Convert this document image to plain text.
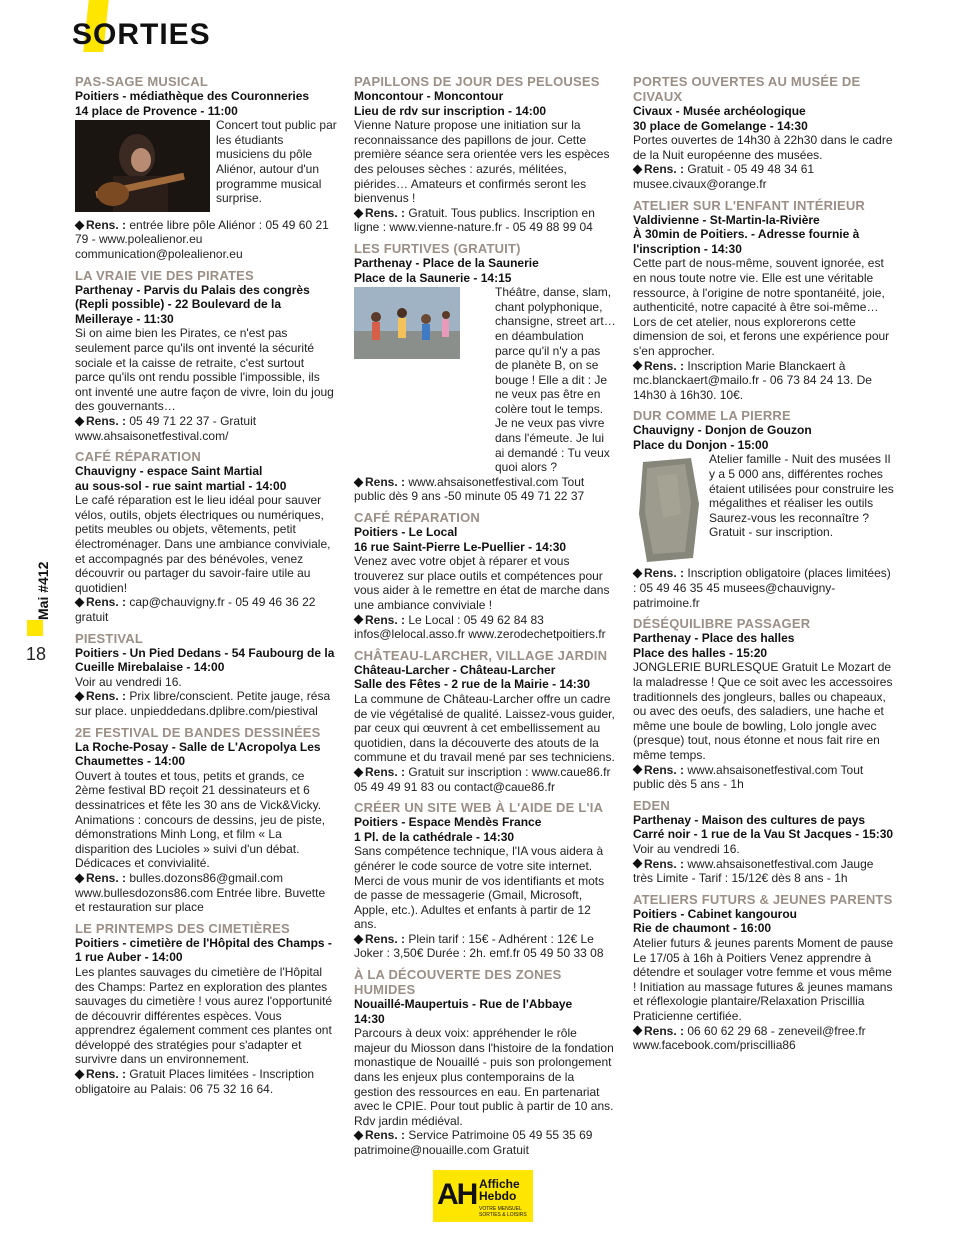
SORTIES
Mai #412
18
PAS-SAGE MUSICAL
Poitiers - médiathèque des Couronneries
14 place de Provence - 11:00
Concert tout public par les étudiants musiciens du pôle Aliénor, autour d'un programme musical surprise.
Rens. : entrée libre pôle Aliénor : 05 49 60 21 79 - www.polealienor.eu communication@polealienor.eu
LA VRAIE VIE DES PIRATES
Parthenay - Parvis du Palais des congrès (Repli possible) - 22 Boulevard de la Meilleraye - 11:30
Si on aime bien les Pirates, ce n'est pas seulement parce qu'ils ont inventé la sécurité sociale et la caisse de retraite, c'est surtout parce qu'ils ont rendu possible l'impossible, ils ont inventé une autre façon de vivre, loin du joug des gouvernants…
Rens. : 05 49 71 22 37 - Gratuit www.ahsaisonetfestival.com/
CAFÉ RÉPARATION
Chauvigny - espace Saint Martial
au sous-sol - rue saint martial - 14:00
Le café réparation est le lieu idéal pour sauver vélos, outils, objets électriques ou numériques, petits meubles ou objets, vêtements, petit électroménager. Dans une ambiance conviviale, et accompagnés par des bénévoles, venez découvrir ou partager du savoir-faire utile au quotidien!
Rens. : cap@chauvigny.fr - 05 49 46 36 22 gratuit
PIESTIVAL
Poitiers - Un Pied Dedans - 54 Faubourg de la Cueille Mirebalaise - 14:00
Voir au vendredi 16.
Rens. : Prix libre/conscient. Petite jauge, résa sur place. unpieddedans.dplibre.com/piestival
2E FESTIVAL DE BANDES DESSINÉES
La Roche-Posay - Salle de L'Acropolya Les Chaumettes - 14:00
Ouvert à toutes et tous, petits et grands, ce 2ème festival BD reçoit 21 dessinateurs et 6 dessinatrices et fête les 30 ans de Vick&Vicky. Animations : concours de dessins, jeu de piste, démonstrations Minh Long, et film « La disparition des Lucioles » suivi d'un débat. Dédicaces et convivialité.
Rens. : bulles.dozons86@gmail.com www.bullesdozons86.com Entrée libre. Buvette et restauration sur place
LE PRINTEMPS DES CIMETIÈRES
Poitiers - cimetière de l'Hôpital des Champs - 1 rue Auber - 14:00
Les plantes sauvages du cimetière de l'Hôpital des Champs: Partez en exploration des plantes sauvages du cimetière ! vous aurez l'opportunité de découvrir différentes espèces. Vous apprendrez également comment ces plantes ont développé des stratégies pour s'adapter et survivre dans un environnement.
Rens. : Gratuit Places limitées - Inscription obligatoire au Palais: 06 75 32 16 64.
PAPILLONS DE JOUR DES PELOUSES
Moncontour - Moncontour
Lieu de rdv sur inscription - 14:00
Vienne Nature propose une initiation sur la reconnaissance des papillons de jour. Cette première séance sera orientée vers les espèces des pelouses sèches : azurés, mélitées, piérides… Amateurs et confirmés seront les bienvenus !
Rens. : Gratuit. Tous publics. Inscription en ligne : www.vienne-nature.fr - 05 49 88 99 04
LES FURTIVES (GRATUIT)
Parthenay - Place de la Saunerie
Place de la Saunerie - 14:15
Théâtre, danse, slam, chant polyphonique, chansigne, street art… en déambulation parce qu'il n'y a pas de planète B, on se bouge ! Elle a dit : Je ne veux pas être en colère tout le temps. Je ne veux pas vivre dans l'émeute. Je lui ai demandé : Tu veux quoi alors ?
Rens. : www.ahsaisonetfestival.com Tout public dès 9 ans -50 minute 05 49 71 22 37
CAFÉ RÉPARATION
Poitiers - Le Local
16 rue Saint-Pierre Le-Puellier - 14:30
Venez avec votre objet à réparer et vous trouverez sur place outils et compétences pour vous aider à le remettre en état de marche dans une ambiance conviviale !
Rens. : Le Local : 05 49 62 84 83 infos@lelocal.asso.fr www.zerodechetpoitiers.fr
CHÂTEAU-LARCHER, VILLAGE JARDIN
Château-Larcher - Château-Larcher
Salle des Fêtes - 2 rue de la Mairie - 14:30
La commune de Château-Larcher offre un cadre de vie végétalisé de qualité. Laissez-vous guider, par ceux qui œuvrent à cet embellissement au quotidien, dans la découverte des atouts de la commune et du travail mené par ses techniciens.
Rens. : Gratuit sur inscription : www.caue86.fr 05 49 49 91 83 ou contact@caue86.fr
CRÉER UN SITE WEB À L'AIDE DE L'IA
Poitiers - Espace Mendès France
1 Pl. de la cathédrale - 14:30
Sans compétence technique, l'IA vous aidera à générer le code source de votre site internet. Merci de vous munir de vos identifiants et mots de passe de messagerie (Gmail, Microsoft, Apple, etc.). Adultes et enfants à partir de 12 ans.
Rens. : Plein tarif : 15€ - Adhérent : 12€ Le Joker : 3,50€ Durée : 2h. emf.fr 05 49 50 33 08
À LA DÉCOUVERTE DES ZONES HUMIDES
Nouaillé-Maupertuis - Rue de l'Abbaye
14:30
Parcours à deux voix: appréhender le rôle majeur du Miosson dans l'histoire de la fondation monastique de Nouaillé - puis son prolongement dans les enjeux plus contemporains de la gestion des ressources en eau. En partenariat avec le CPIE. Pour tout public à partir de 10 ans. Rdv jardin médiéval.
Rens. : Service Patrimoine 05 49 55 35 69 patrimoine@nouaille.com Gratuit
PORTES OUVERTES AU MUSÉE DE CIVAUX
Civaux - Musée archéologique
30 place de Gomelange - 14:30
Portes ouvertes de 14h30 à 22h30 dans le cadre de la Nuit européenne des musées.
Rens. : Gratuit - 05 49 48 34 61 musee.civaux@orange.fr
ATELIER SUR L'ENFANT INTÉRIEUR
Valdivienne - St-Martin-la-Rivière
À 30min de Poitiers. - Adresse fournie à l'inscription - 14:30
Cette part de nous-même, souvent ignorée, est en nous toute notre vie. Elle est une véritable ressource, à l'origine de notre spontanéité, joie, authenticité, notre capacité à être soi-même… Lors de cet atelier, nous explorerons cette dimension de soi, et ferons une expérience pour s'en approcher.
Rens. : Inscription Marie Blanckaert à mc.blanckaert@mailo.fr - 06 73 84 24 13. De 14h30 à 16h30. 10€.
DUR COMME LA PIERRE
Chauvigny - Donjon de Gouzon
Place du Donjon - 15:00
Atelier famille - Nuit des musées Il y a 5 000 ans, différentes roches étaient utilisées pour construire les mégalithes et réaliser les outils Saurez-vous les reconnaître ? Gratuit - sur inscription.
Rens. : Inscription obligatoire (places limitées) : 05 49 46 35 45 musees@chauvigny-patrimoine.fr
DÉSÉQUILIBRE PASSAGER
Parthenay - Place des halles
Place des halles - 15:20
JONGLERIE BURLESQUE Gratuit Le Mozart de la maladresse ! Que ce soit avec les accessoires traditionnels des jongleurs, balles ou chapeaux, ou avec des oeufs, des saladiers, une hache et même une boule de bowling, Lolo jongle avec (presque) tout, nous étonne et nous fait rire en même temps.
Rens. : www.ahsaisonetfestival.com Tout public dès 5 ans - 1h
EDEN
Parthenay - Maison des cultures de pays
Carré noir - 1 rue de la Vau St Jacques - 15:30
Voir au vendredi 16.
Rens. : www.ahsaisonetfestival.com Jauge très Limite - Tarif : 15/12€ dès 8 ans - 1h
ATELIERS FUTURS & JEUNES PARENTS
Poitiers - Cabinet kangourou
Rie de chaumont - 16:00
Atelier futurs & jeunes parents Moment de pause Le 17/05 à 16h à Poitiers Venez apprendre à détendre et soulager votre femme et vous même ! Initiation au massage futures & jeunes mamans et réflexologie plantaire/Relaxation Priscillia Praticienne certifiée.
Rens. : 06 60 62 29 68 - zeneveil@free.fr www.facebook.com/priscillia86
AH Affiche
Hebdo
VOTRE MENSUEL SORTIES & LOISIRS
